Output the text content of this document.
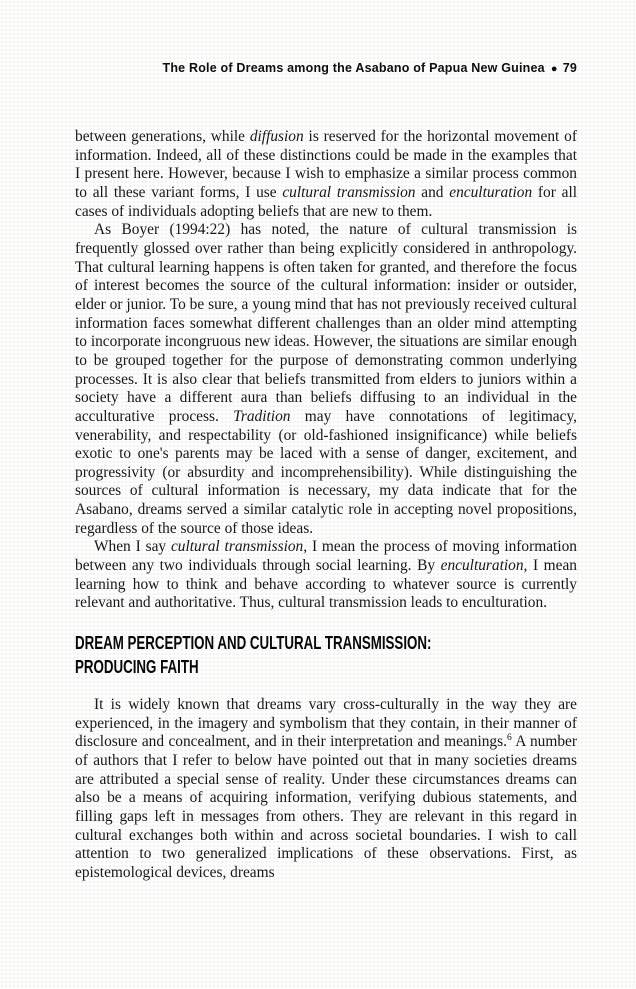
The Role of Dreams among the Asabano of Papua New Guinea ● 79

between generations, while diffusion is reserved for the horizontal movement of information. Indeed, all of these distinctions could be made in the examples that I present here. However, because I wish to emphasize a similar process common to all these variant forms, I use cultural transmission and enculturation for all cases of individuals adopting beliefs that are new to them.

As Boyer (1994:22) has noted, the nature of cultural transmission is frequently glossed over rather than being explicitly considered in anthropology. That cultural learning happens is often taken for granted, and therefore the focus of interest becomes the source of the cultural information: insider or outsider, elder or junior. To be sure, a young mind that has not previously received cultural information faces somewhat different challenges than an older mind attempting to incorporate incongruous new ideas. However, the situations are similar enough to be grouped together for the purpose of demonstrating common underlying processes. It is also clear that beliefs transmitted from elders to juniors within a society have a different aura than beliefs diffusing to an individual in the acculturative process. Tradition may have connotations of legitimacy, venerability, and respectability (or old-fashioned insignificance) while beliefs exotic to one's parents may be laced with a sense of danger, excitement, and progressivity (or absurdity and incomprehensibility). While distinguishing the sources of cultural information is necessary, my data indicate that for the Asabano, dreams served a similar catalytic role in accepting novel propositions, regardless of the source of those ideas.

When I say cultural transmission, I mean the process of moving information between any two individuals through social learning. By enculturation, I mean learning how to think and behave according to whatever source is currently relevant and authoritative. Thus, cultural transmission leads to enculturation.

DREAM PERCEPTION AND CULTURAL TRANSMISSION:
PRODUCING FAITH

It is widely known that dreams vary cross-culturally in the way they are experienced, in the imagery and symbolism that they contain, in their manner of disclosure and concealment, and in their interpretation and meanings.$^6$ A number of authors that I refer to below have pointed out that in many societies dreams are attributed a special sense of reality. Under these circumstances dreams can also be a means of acquiring information, verifying dubious statements, and filling gaps left in messages from others. They are relevant in this regard in cultural exchanges both within and across societal boundaries. I wish to call attention to two generalized implications of these observations. First, as epistemological devices, dreams
